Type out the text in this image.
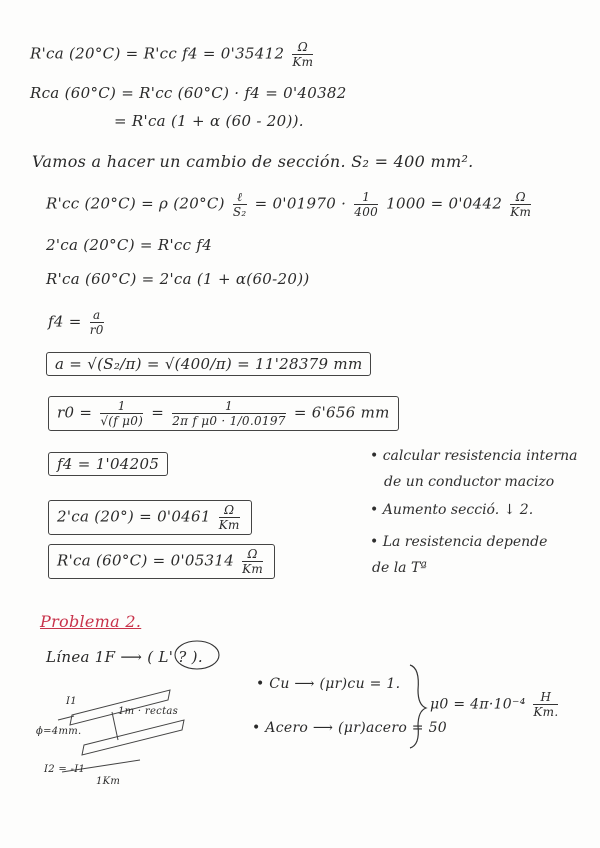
R'ca (20°C) = R'cc $f4 = 0'35412 \frac{\Omega}{Km}$
Rca (60°C) = R'cc (60°C) · f4 = 0'40382
= R'ca (1 + α (60 - 20)).
Vamos a hacer un cambio de sección. S₂ = 400 mm².
R'cc (20°C) = ρ $(20^\circ C) \frac{\text{ℓ}}{\text{S₂}} = 0'01970 \cdot \frac{1}{400} 1000 = 0'0442 \frac{\Omega}{Km}$
2'ca (20°C) = R'cc f4
R'ca (60°C) = 2'ca (1 + α(60-20))
$f4 = \frac{a}{r0}$
a = √(S₂/π) = √(400/π) = 11'28379 mm
$r0 = \frac{1}{\text{√(f μ0)}} = \frac{1}{\text{2π f μ0 · 1/0.0197}} = 6'656$ mm
f4 = 1'04205
2'ca $(20^\circ) = 0'0461 \frac{\Omega}{Km}$
R'ca $(60^\circ C) = 0'05314 \frac{\Omega}{Km}$
• calcular resistencia interna
de un conductor macizo
• Aumento secció. ↓ 2.
• La resistencia depende
de la Tª
Problema 2.
Línea 1F ⟶ ( L' ? ).
• Cu ⟶ (μr)cu = 1.
• Acero ⟶ (μr)acero = 50
$\mu 0 = 4\pi\cdot 10^{-4} \frac{H}{Km.}$
I1
ϕ=4mm.
1m · rectas
I2 = -I1
1Km
